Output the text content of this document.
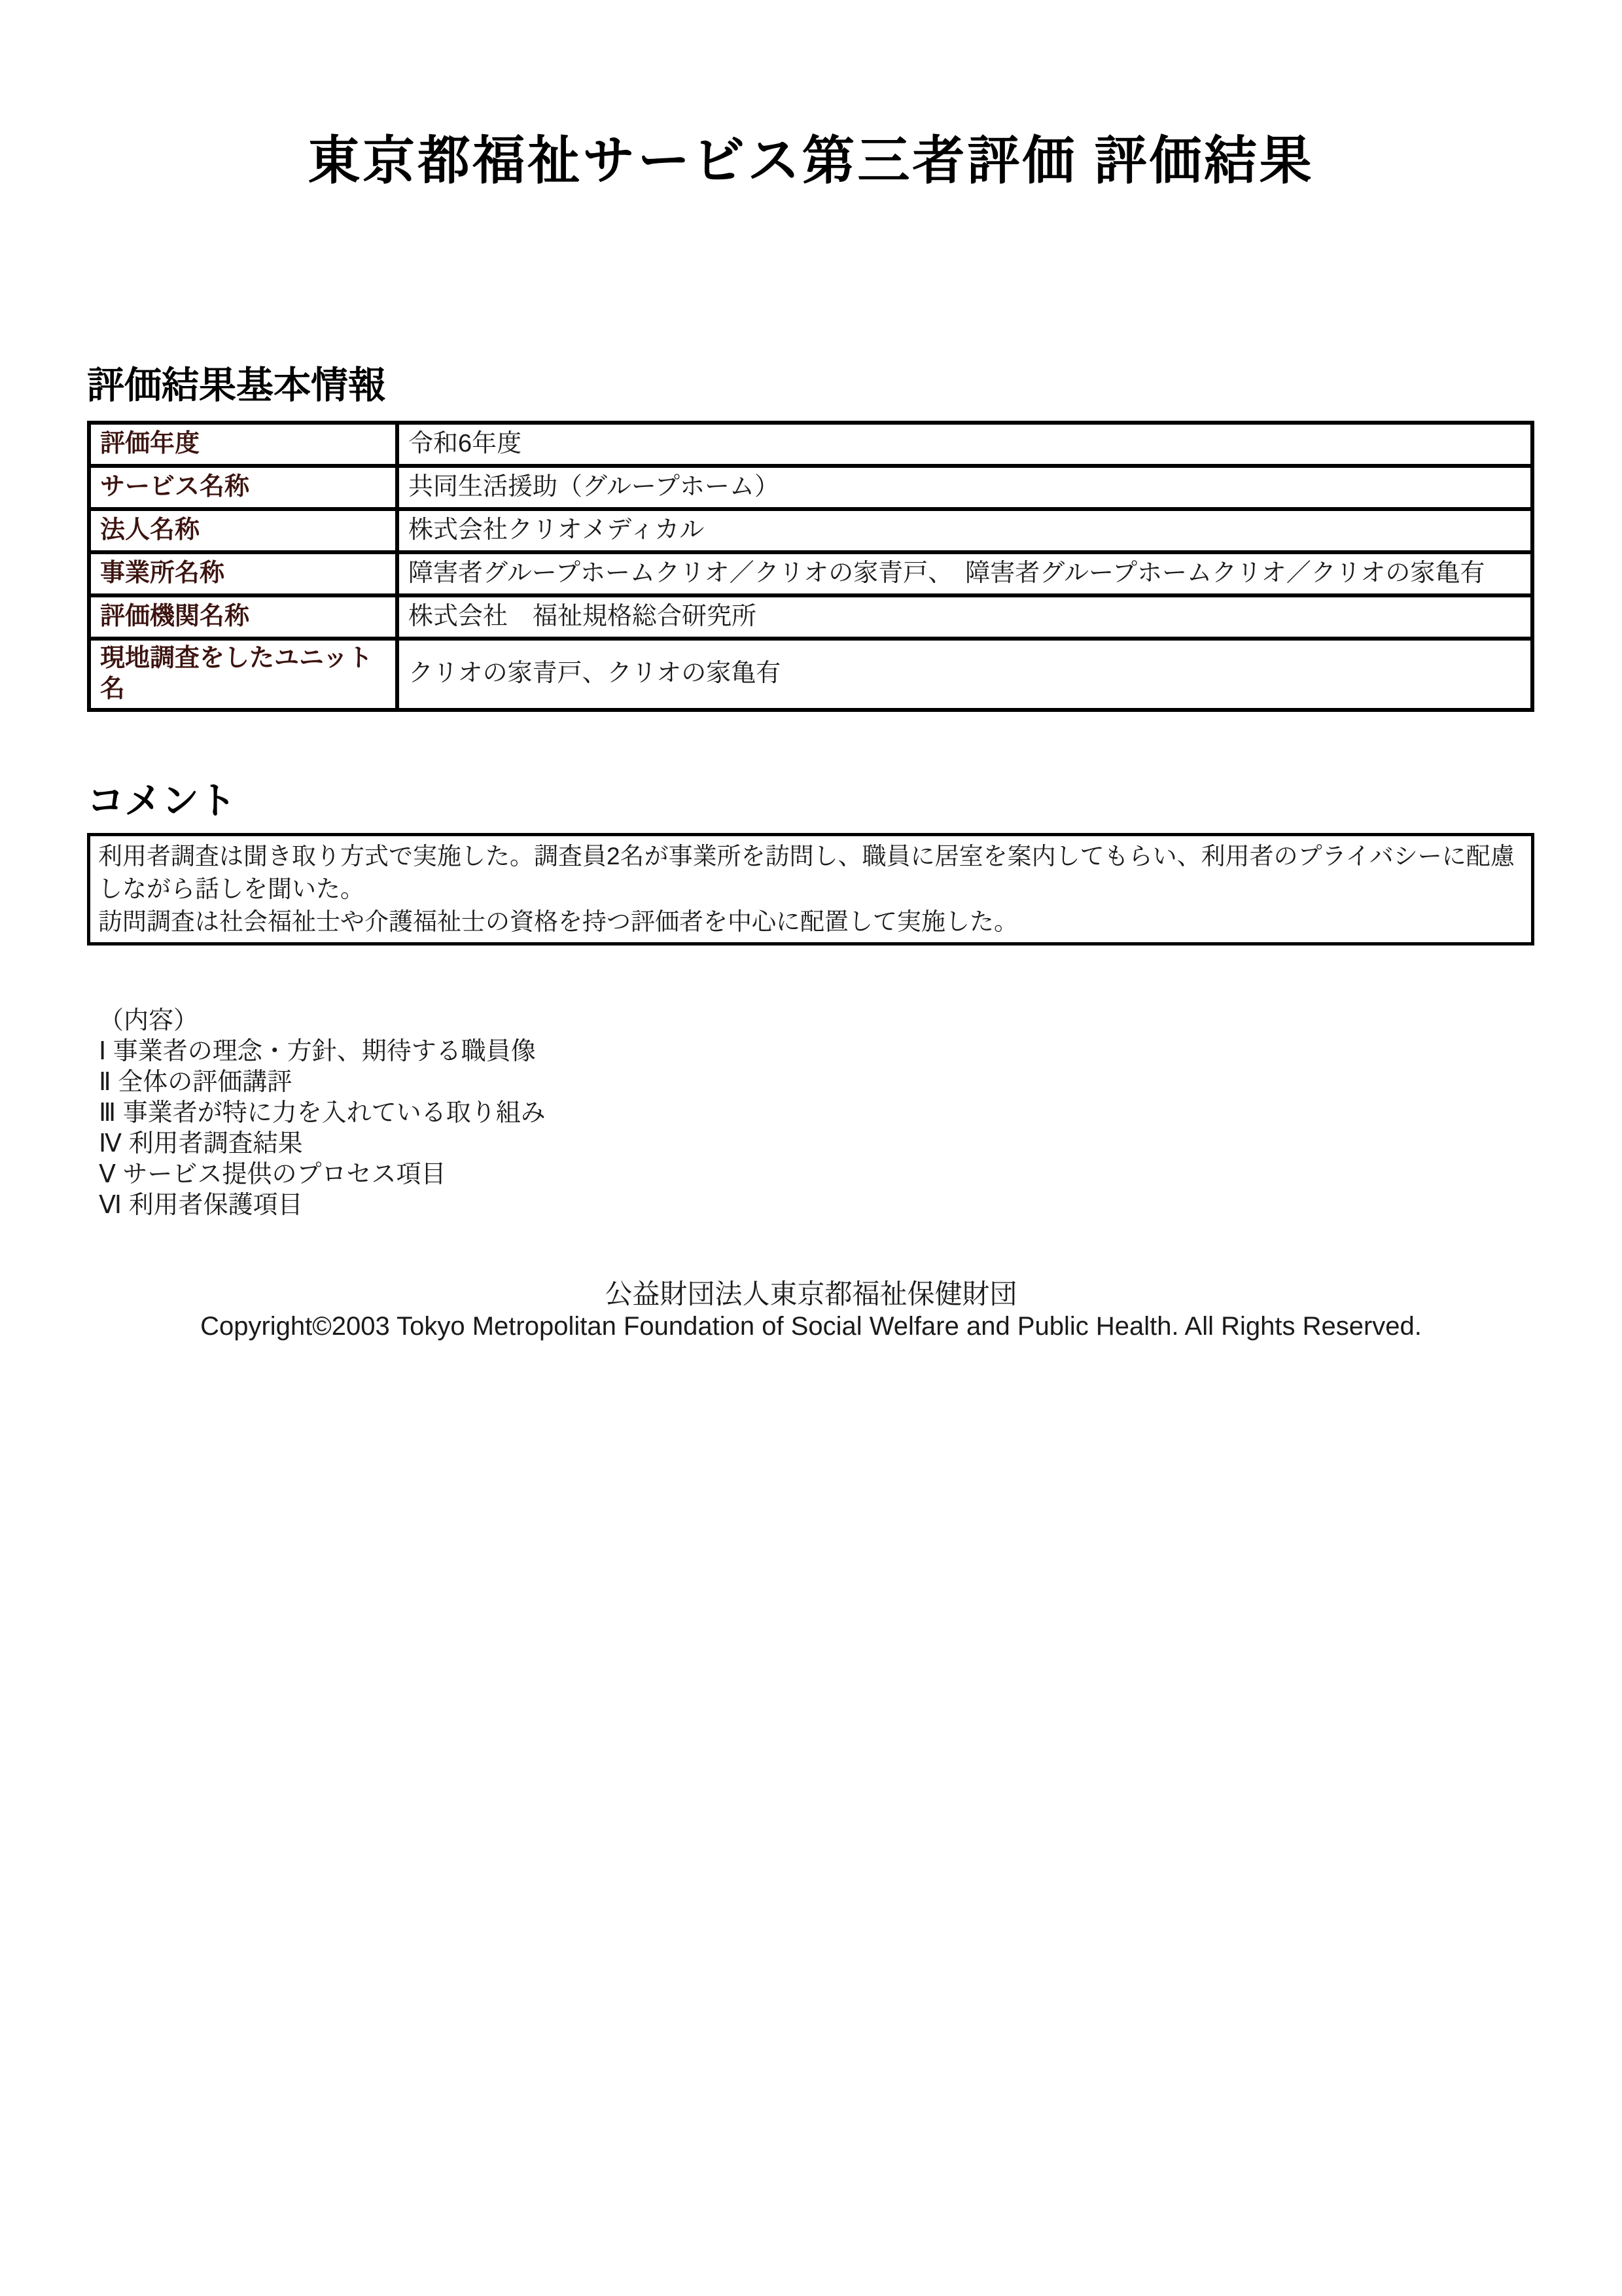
東京都福祉サービス第三者評価 評価結果
評価結果基本情報
評価年度	令和6年度
サービス名称	共同生活援助（グループホーム）
法人名称	株式会社クリオメディカル
事業所名称	障害者グループホームクリオ／クリオの家青戸、　障害者グループホームクリオ／クリオの家亀有
評価機関名称	株式会社　福祉規格総合研究所
現地調査をしたユニット名	クリオの家青戸、クリオの家亀有
コメント

利用者調査は聞き取り方式で実施した。調査員2名が事業所を訪問し、職員に居室を案内してもらい、利用者のプライバシーに配慮しながら話しを聞いた。

訪問調査は社会福祉士や介護福祉士の資格を持つ評価者を中心に配置して実施した。

（内容）
Ⅰ 事業者の理念・方針、期待する職員像
Ⅱ 全体の評価講評
Ⅲ 事業者が特に力を入れている取り組み
Ⅳ 利用者調査結果
Ⅴ サービス提供のプロセス項目
Ⅵ 利用者保護項目

公益財団法人東京都福祉保健財団

Copyright©2003 Tokyo Metropolitan Foundation of Social Welfare and Public Health. All Rights Reserved.
